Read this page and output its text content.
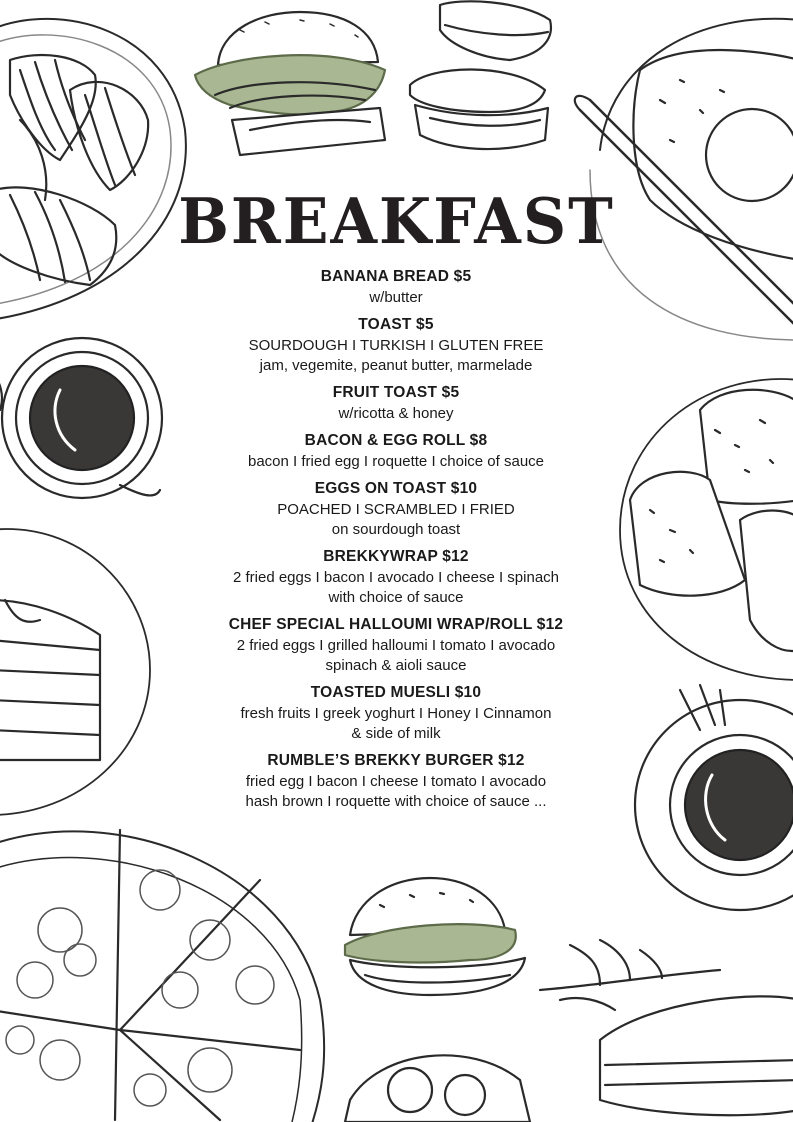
BREAKFAST
BANANA BREAD $5
w/butter
TOAST $5
SOURDOUGH I TURKISH I GLUTEN FREE
jam, vegemite, peanut butter, marmelade
FRUIT TOAST $5
w/ricotta & honey
BACON & EGG ROLL $8
bacon I fried egg I roquette I choice of sauce
EGGS ON TOAST $10
POACHED I SCRAMBLED I FRIED
on sourdough toast
BREKKYWRAP $12
2 fried eggs I bacon I avocado I cheese I spinach
with choice of sauce
CHEF SPECIAL HALLOUMI WRAP/ROLL $12
2 fried eggs I grilled halloumi I tomato I avocado
spinach & aioli sauce
TOASTED MUESLI $10
fresh fruits I greek yoghurt I Honey I Cinnamon
& side of milk
RUMBLE’S BREKKY BURGER $12
fried egg I bacon I cheese I tomato I avocado
hash brown I roquette with choice of sauce ...
